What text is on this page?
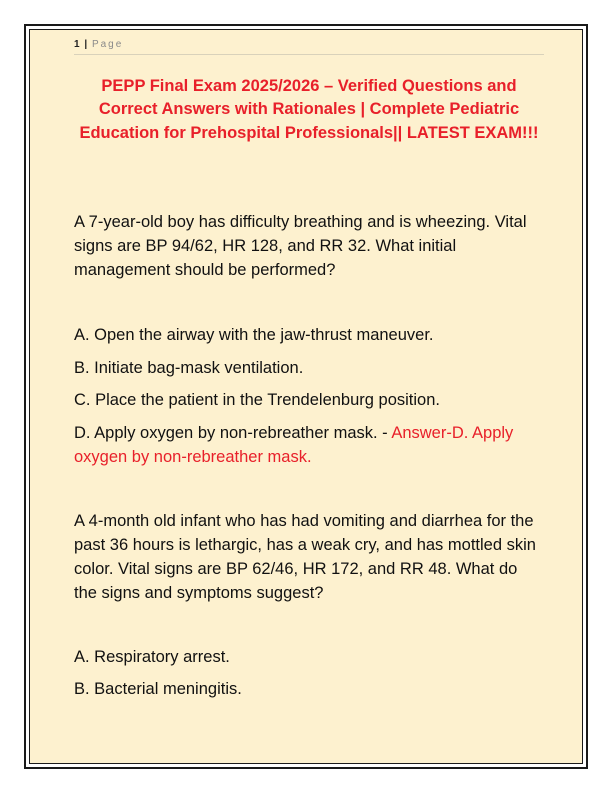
1 | Page
PEPP Final Exam 2025/2026 – Verified Questions and Correct Answers with Rationales | Complete Pediatric Education for Prehospital Professionals|| LATEST EXAM!!!
A 7-year-old boy has difficulty breathing and is wheezing. Vital signs are BP 94/62, HR 128, and RR 32. What initial management should be performed?
A. Open the airway with the jaw-thrust maneuver.
B. Initiate bag-mask ventilation.
C. Place the patient in the Trendelenburg position.
D. Apply oxygen by non-rebreather mask. - Answer-D. Apply oxygen by non-rebreather mask.
A 4-month old infant who has had vomiting and diarrhea for the past 36 hours is lethargic, has a weak cry, and has mottled skin color. Vital signs are BP 62/46, HR 172, and RR 48. What do the signs and symptoms suggest?
A. Respiratory arrest.
B. Bacterial meningitis.
